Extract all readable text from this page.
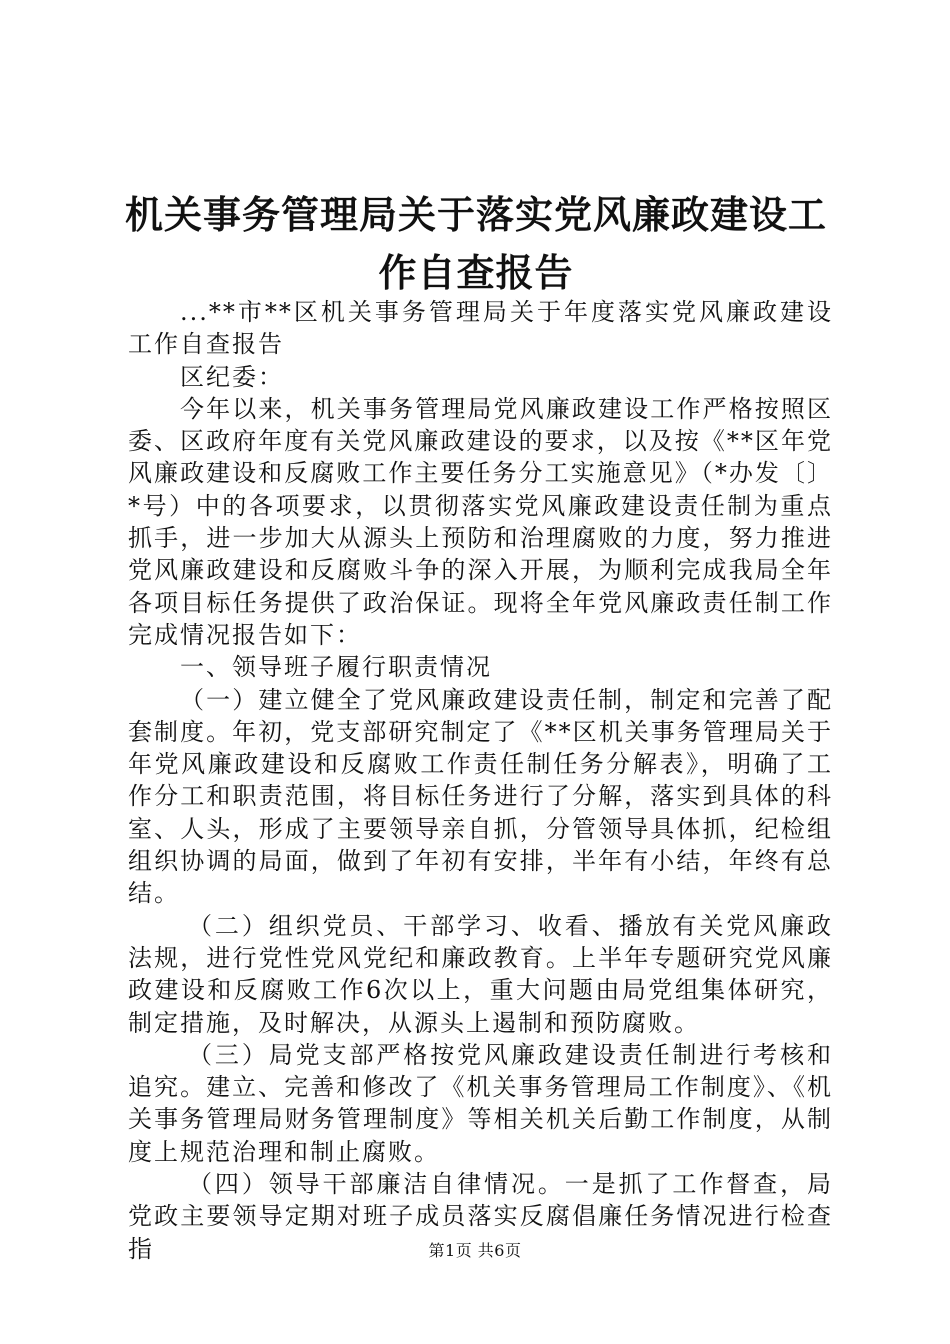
机关事务管理局关于落实党风廉政建设工作自查报告

...**市**区机关事务管理局关于年度落实党风廉政建设工作自查报告

区纪委：

今年以来，机关事务管理局党风廉政建设工作严格按照区委、区政府年度有关党风廉政建设的要求，以及按《**区年党风廉政建设和反腐败工作主要任务分工实施意见》（*办发〔〕*号）中的各项要求，以贯彻落实党风廉政建设责任制为重点抓手，进一步加大从源头上预防和治理腐败的力度，努力推进党风廉政建设和反腐败斗争的深入开展，为顺利完成我局全年各项目标任务提供了政治保证。现将全年党风廉政责任制工作完成情况报告如下：

一、领导班子履行职责情况

（一）建立健全了党风廉政建设责任制，制定和完善了配套制度。年初，党支部研究制定了《**区机关事务管理局关于年党风廉政建设和反腐败工作责任制任务分解表》，明确了工作分工和职责范围，将目标任务进行了分解，落实到具体的科室、人头，形成了主要领导亲自抓，分管领导具体抓，纪检组组织协调的局面，做到了年初有安排，半年有小结，年终有总结。

（二）组织党员、干部学习、收看、播放有关党风廉政法规，进行党性党风党纪和廉政教育。上半年专题研究党风廉政建设和反腐败工作6次以上，重大问题由局党组集体研究，制定措施，及时解决，从源头上遏制和预防腐败。

（三）局党支部严格按党风廉政建设责任制进行考核和追究。建立、完善和修改了《机关事务管理局工作制度》、《机关事务管理局财务管理制度》等相关机关后勤工作制度，从制度上规范治理和制止腐败。

（四）领导干部廉洁自律情况。一是抓了工作督查，局党政主要领导定期对班子成员落实反腐倡廉任务情况进行检查指	第1页 共6页
